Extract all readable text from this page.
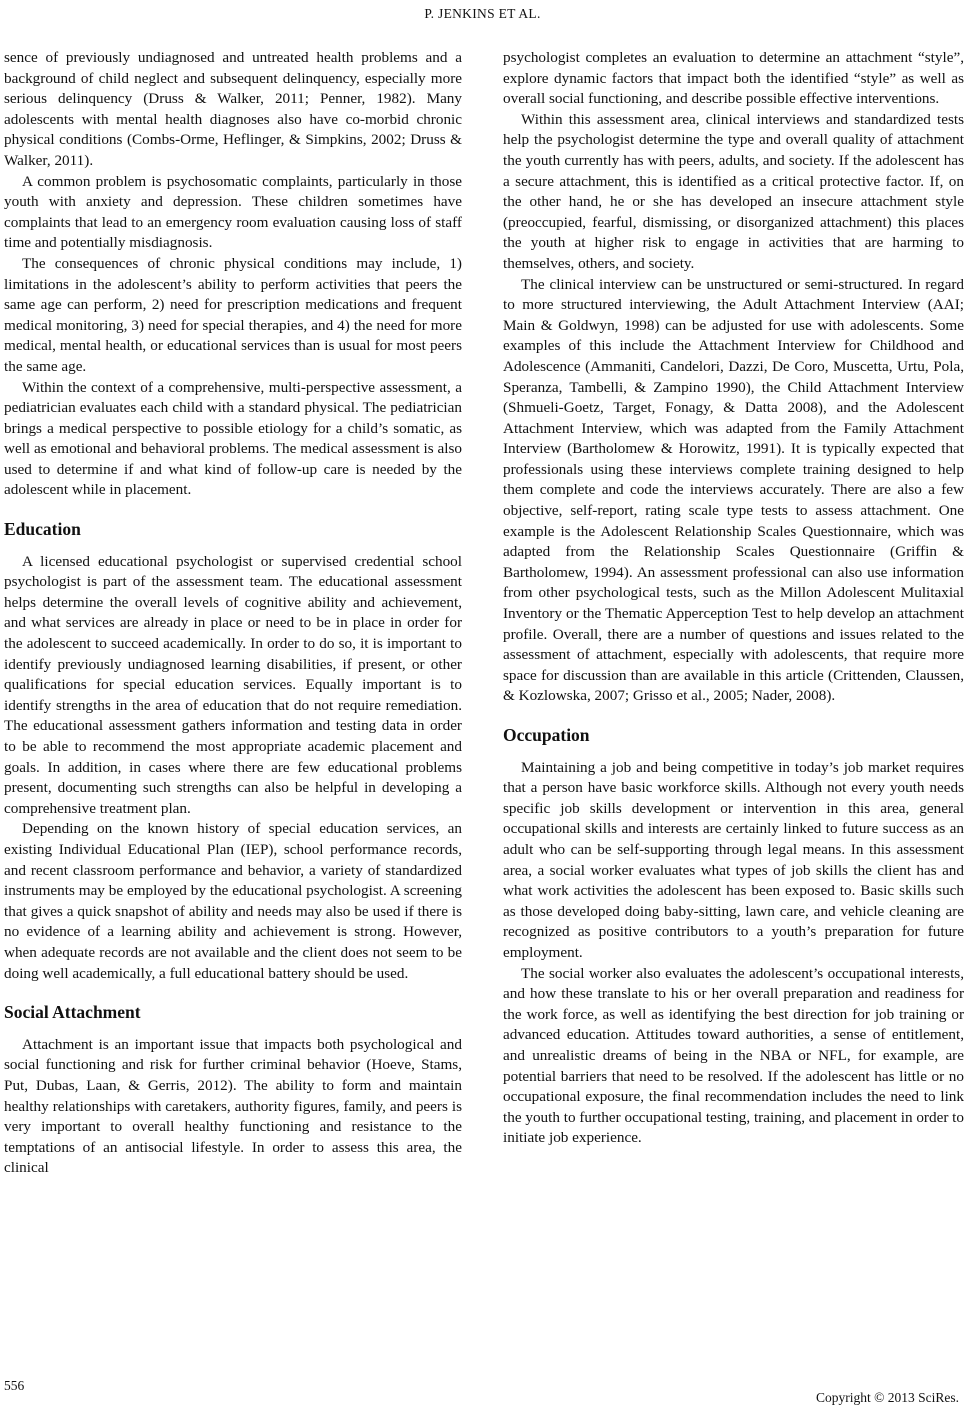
P. JENKINS ET AL.

sence of previously undiagnosed and untreated health problems and a background of child neglect and subsequent delinquency, especially more serious delinquency (Druss & Walker, 2011; Penner, 1982). Many adolescents with mental health diagnoses also have co-morbid chronic physical conditions (Combs-Orme, Heflinger, & Simpkins, 2002; Druss & Walker, 2011).

A common problem is psychosomatic complaints, particularly in those youth with anxiety and depression. These children sometimes have complaints that lead to an emergency room evaluation causing loss of staff time and potentially misdiagnosis.

The consequences of chronic physical conditions may include, 1) limitations in the adolescent’s ability to perform activities that peers the same age can perform, 2) need for prescription medications and frequent medical monitoring, 3) need for special therapies, and 4) the need for more medical, mental health, or educational services than is usual for most peers the same age.

Within the context of a comprehensive, multi-perspective assessment, a pediatrician evaluates each child with a standard physical. The pediatrician brings a medical perspective to possible etiology for a child’s somatic, as well as emotional and behavioral problems. The medical assessment is also used to determine if and what kind of follow-up care is needed by the adolescent while in placement.

Education

A licensed educational psychologist or supervised credential school psychologist is part of the assessment team. The educational assessment helps determine the overall levels of cognitive ability and achievement, and what services are already in place or need to be in place in order for the adolescent to succeed academically. In order to do so, it is important to identify previously undiagnosed learning disabilities, if present, or other qualifications for special education services. Equally important is to identify strengths in the area of education that do not require remediation. The educational assessment gathers information and testing data in order to be able to recommend the most appropriate academic placement and goals. In addition, in cases where there are few educational problems present, documenting such strengths can also be helpful in developing a comprehensive treatment plan.

Depending on the known history of special education services, an existing Individual Educational Plan (IEP), school performance records, and recent classroom performance and behavior, a variety of standardized instruments may be employed by the educational psychologist. A screening that gives a quick snapshot of ability and needs may also be used if there is no evidence of a learning ability and achievement is strong. However, when adequate records are not available and the client does not seem to be doing well academically, a full educational battery should be used.

Social Attachment

Attachment is an important issue that impacts both psychological and social functioning and risk for further criminal behavior (Hoeve, Stams, Put, Dubas, Laan, & Gerris, 2012). The ability to form and maintain healthy relationships with caretakers, authority figures, family, and peers is very important to overall healthy functioning and resistance to the temptations of an antisocial lifestyle. In order to assess this area, the clinical

psychologist completes an evaluation to determine an attachment “style”, explore dynamic factors that impact both the identified “style” as well as overall social functioning, and describe possible effective interventions.

Within this assessment area, clinical interviews and standardized tests help the psychologist determine the type and overall quality of attachment the youth currently has with peers, adults, and society. If the adolescent has a secure attachment, this is identified as a critical protective factor. If, on the other hand, he or she has developed an insecure attachment style (preoccupied, fearful, dismissing, or disorganized attachment) this places the youth at higher risk to engage in activities that are harming to themselves, others, and society.

The clinical interview can be unstructured or semi-structured. In regard to more structured interviewing, the Adult Attachment Interview (AAI; Main & Goldwyn, 1998) can be adjusted for use with adolescents. Some examples of this include the Attachment Interview for Childhood and Adolescence (Ammaniti, Candelori, Dazzi, De Coro, Muscetta, Urtu, Pola, Speranza, Tambelli, & Zampino 1990), the Child Attachment Interview (Shmueli-Goetz, Target, Fonagy, & Datta 2008), and the Adolescent Attachment Interview, which was adapted from the Family Attachment Interview (Bartholomew & Horowitz, 1991). It is typically expected that professionals using these interviews complete training designed to help them complete and code the interviews accurately. There are also a few objective, self-report, rating scale type tests to assess attachment. One example is the Adolescent Relationship Scales Questionnaire, which was adapted from the Relationship Scales Questionnaire (Griffin & Bartholomew, 1994). An assessment professional can also use information from other psychological tests, such as the Millon Adolescent Mulitaxial Inventory or the Thematic Apperception Test to help develop an attachment profile. Overall, there are a number of questions and issues related to the assessment of attachment, especially with adolescents, that require more space for discussion than are available in this article (Crittenden, Claussen, & Kozlowska, 2007; Grisso et al., 2005; Nader, 2008).

Occupation

Maintaining a job and being competitive in today’s job market requires that a person have basic workforce skills. Although not every youth needs specific job skills development or intervention in this area, general occupational skills and interests are certainly linked to future success as an adult who can be self-supporting through legal means. In this assessment area, a social worker evaluates what types of job skills the client has and what work activities the adolescent has been exposed to. Basic skills such as those developed doing baby-sitting, lawn care, and vehicle cleaning are recognized as positive contributors to a youth’s preparation for future employment.

The social worker also evaluates the adolescent’s occupational interests, and how these translate to his or her overall preparation and readiness for the work force, as well as identifying the best direction for job training or advanced education. Attitudes toward authorities, a sense of entitlement, and unrealistic dreams of being in the NBA or NFL, for example, are potential barriers that need to be resolved. If the adolescent has little or no occupational exposure, the final recommendation includes the need to link the youth to further occupational testing, training, and placement in order to initiate job experience.

556
Copyright © 2013 SciRes.
